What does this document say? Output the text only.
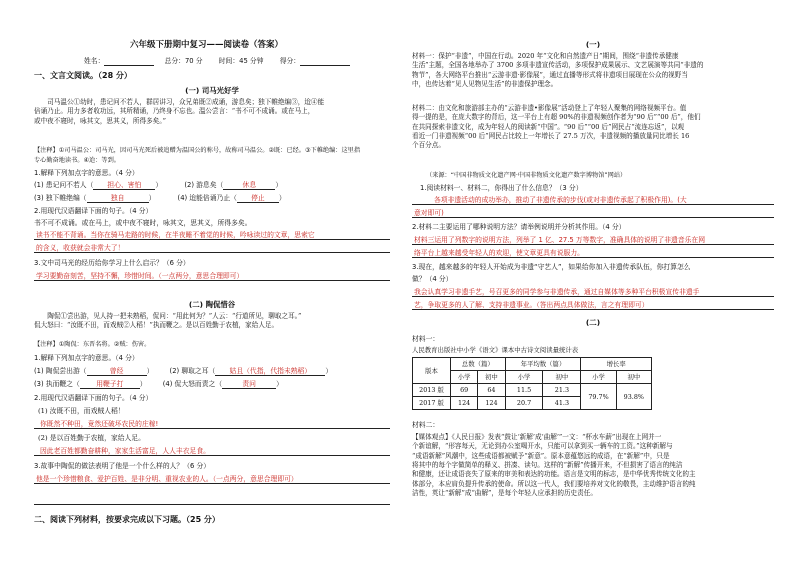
六年级下册期中复习——阅读卷（答案）
姓名：	总分：70 分 时间：45 分钟 得分：
一、文言文阅读。（28 分）
(一) 司马光好学
司马温公①幼时，患记问不若人，群居讲习，众兄弟既②成诵，游息矣；独下帷绝编③，迨④能
倍诵乃止。用力多者收功远，其所精诵，乃终身不忘也。温公尝言：“书不可不成诵。或在马上，
或中夜不寝时，咏其文，思其义，所得多矣。”
【注释】①司马温公：司马光，因司马光死后被追赠为温国公的称号，故称司马温公。②既：已经。③下帷绝编：这里指
专心勤奋地读书。④迨：等到。
1.解释下列加点字的意思。（4 分）
(1) 患记问不若人（ 担心、害怕 ）	(2) 游息矣（	休息	）
(3) 独下帷绝编（	独自	）	(4) 迨能倍诵乃止（ 停止 ）
2.用现代汉语翻译下面的句子。（4 分）
书不可不成诵。或在马上，或中夜不寝时，咏其文，思其义，所得多矣。
读书不能不背诵。当你在骑马走路的时候，在半夜睡不着觉的时候，吟咏读过的文章，思索它
的含义，收获就会非常大了！
3.文中司马光的经历给你学习上什么启示？（6 分）
学习要勤奋刻苦，坚持不懈，珍惜时间。（一点两分，意思合理即可）
(二) 陶侃惜谷
陶侃①尝出游，见人持一把未熟稻，侃问：“用此何为？”人云：“行道所见，聊取之耳。”
侃大怒曰：“汝既不田，而戏贼②人稻！”执而鞭之。是以百姓勤于农植，家给人足。
【注释】①陶侃：东晋名将。②贼：伤害。
1.解释下列加点字的意思。（4 分）
(1) 陶侃尝出游（	曾经	） (2) 聊取之耳（ 姑且（代指，代指未熟稻） ）
(3) 执而鞭之（ 用鞭子打 ） (4) 侃大怒而责之（	责问	）
2.用现代汉语翻译下面的句子。（4 分）
(1) 汝既不田，而戏贼人稻！
你既然不种田，竟然还破坏农民的庄稼!
(2) 是以百姓勤于农植，家给人足。
因此老百姓都勤奋耕种，家家生活富足，人人丰衣足食。
3.故事中陶侃的做法表明了他是一个什么样的人？（6 分）
他是一个珍惜粮食、爱护百姓、是非分明、重视农业的人。（一点两分，意思合理即可）
二、阅读下列材料，按要求完成以下习题。（25 分）
(一)
材料一：保护“非遗”，中国在行动。2020 年“文化和自然遗产日”期间，围绕“非遗传承健康
生活”主题，全国各地举办了 3700 多项非遗宣传活动，多项保护成果展示、文艺展演等共同“非遗的
物节”，各大网络平台推出“云游非遗·影像展”，通过直播等形式将非遗项目展现在公众的视野当
中，也传达着“见人见物见生活”的非遗保护理念。
材料二：由文化和旅游部主办的“云游非遗•影像展”活动登上了年轻人聚集的网络视频平台。值
得一提的是，在庞大数字的背后，这一平台上有超 90%的非遗视频创作者为“90 后”“00 后”，他们
在共同探索非遗文化，成为年轻人的阅读新“中国”。“90 后”“00 后”网民占“流连忘返”，以观
看近一门非遗视频“00 后”网民占比较上一年增长了 27.5 万次，非遗视频的播放量同比增长 16
个百分点。
（来源：“中国非物质文化遗产网·中国非物质文化遗产数字博物馆”网站）
1.阅读材料一、材料二，你得出了什么信息？（3 分）
各项非遗活动的成功举办，推动了非遗传承的步伐(或对非遗传承起了积极作用)。(大
意对即可)
2.材料二主要运用了哪种说明方法？请举例说明并分析其作用。（4 分）
材料三运用了列数字的说明方法，列举了 1 亿、27.5 万等数字，准确具体的说明了非遗音乐在网
络平台上越来越受年轻人的欢迎，使文章更具有说服力。
3.现在，越来越多的年轻人开始成为非遗“守艺人”，如果给你加入非遗传承队伍，你打算怎么
做？（4 分）
我会认真学习非遗手艺，号召更多的同学参与非遗传承，通过自媒体等多种平台积极宣传非遗手
艺，争取更多的人了解、支持非遗事业。（答出两点具体做法，言之有理即可）
(二)
材料一：
人民教育出版社中小学《语文》课本中古诗文阅读量统计表
版本	总数（篇）		年平均数（篇）		增长率	
	小学	初中	小学	初中	小学	初中
2013 版	69	64	11.5	21.3	79.7%	93.8%
2017 版	124	124	20.7	41.3		
材料二：
【媒体观点】《人民日报》发表“鼓让‘新解’成‘曲解’”一文：“杯水车薪”出现在上网并一
个新谊解，“形容每天，无论到办公室喝开水，只能可以拿到买一辆车的工资。”这种新解与
“成语新解”风潮中，这些成语都被赋予“新意”。原本意蕴悠远的成语，在“新解”中，只是
将其中的每个字做简单的释义、拼凑、读句。这样的“新解”传播开来，不但损害了语言的纯洁
和健康，还让成语丧失了原来的审美和表达的功能。语言是文明的标志，是中华优秀传统文化的主
体部分，本应肩负提升传承的使命。所以这一代人，我们要培养对文化的敬畏，主动维护语言的纯
洁性，英让“新解”成“曲解”，是每个年轻人应承担的历史责任。
